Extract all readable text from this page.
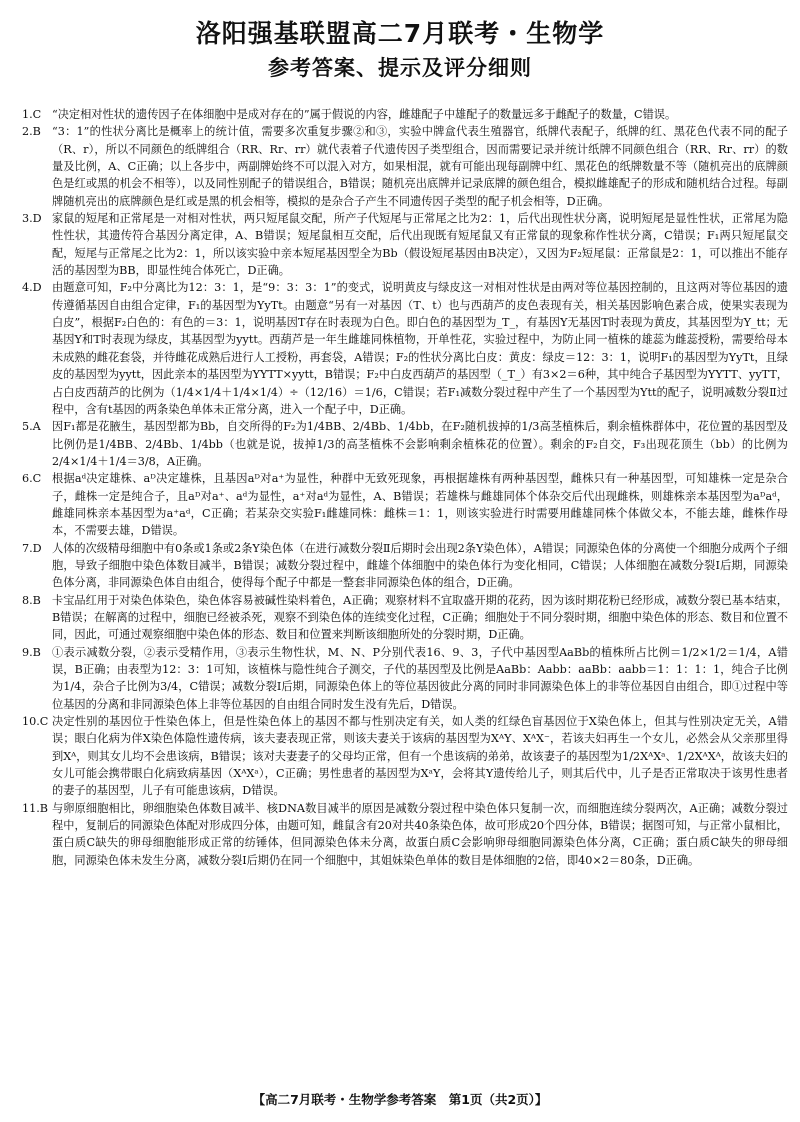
洛阳强基联盟高二7月联考・生物学
参考答案、提示及评分细则
1.C “决定相对性状的遗传因子在体细胞中是成对存在的”属于假说的内容，雌雄配子中雄配子的数量远多于雌配子的数量，C错误。
2.B “3：1”的性状分离比是概率上的统计值，需要多次重复步骤②和③，实验中牌盒代表生殖器官，纸牌代表配子，纸牌的红、黑花色代表不同的配子（R、r），所以不同颜色的纸牌组合（RR、Rr、rr）就代表着子代遗传因子类型组合，因而需要记录并统计纸牌不同颜色组合（RR、Rr、rr）的数量及比例，A、C正确；以上各步中，两副牌始终不可以混入对方，如果相混，就有可能出现每副牌中红、黑花色的纸牌数量不等（随机亮出的底牌颜色是红或黑的机会不相等），以及同性别配子的错误组合，B错误；随机亮出底牌并记录底牌的颜色组合，模拟雌雄配子的形成和随机结合过程。每副牌随机亮出的底牌颜色是红或是黑的机会相等，模拟的是杂合子产生不同遗传因子类型的配子机会相等，D正确。
3.D 家鼠的短尾和正常尾是一对相对性状，两只短尾鼠交配，所产子代短尾与正常尾之比为2：1，后代出现性状分离，说明短尾是显性性状，正常尾为隐性性状，其遗传符合基因分离定律，A、B错误；短尾鼠相互交配，后代出现既有短尾鼠又有正常鼠的现象称作性状分离，C错误；F₁两只短尾鼠交配，短尾与正常尾之比为2：1，所以该实验中亲本短尾基因型全为Bb（假设短尾基因由B决定），又因为F₂短尾鼠：正常鼠是2：1，可以推出不能存活的基因型为BB，即显性纯合体死亡，D正确。
4.D 由题意可知，F₂中分离比为12：3：1，是“9：3：3：1”的变式，说明黄皮与绿皮这一对相对性状是由两对等位基因控制的，且这两对等位基因的遗传遵循基因自由组合定律，F₁的基因型为YyTt。由题意“另有一对基因（T、t）也与西葫芦的皮色表现有关，相关基因影响色素合成，使果实表现为白皮”，根据F₂白色的：有色的＝3：1，说明基因T存在时表现为白色。即白色的基因型为_T_，有基因Y无基因T时表现为黄皮，其基因型为Y_tt；无基因Y和T时表现为绿皮，其基因型为yytt。西葫芦是一年生雌雄同株植物，开单性花，实验过程中，为防止同一植株的雄蕊为雌蕊授粉，需要给母本未成熟的雌花套袋，并待雌花成熟后进行人工授粉，再套袋，A错误；F₂的性状分离比白皮：黄皮：绿皮＝12：3：1，说明F₁的基因型为YyTt，且绿皮的基因型为yytt，因此亲本的基因型为YYTT×yytt，B错误；F₂中白皮西葫芦的基因型（_T_）有3×2＝6种，其中纯合子基因型为YYTT、yyTT，占白皮西葫芦的比例为（1/4×1/4＋1/4×1/4）÷（12/16）＝1/6，C错误；若F₁减数分裂过程中产生了一个基因型为Ytt的配子，说明减数分裂Ⅱ过程中，含有t基因的两条染色单体未正常分离，进入一个配子中，D正确。
5.A	因F₁都是花腋生，基因型都为Bb，自交所得的F₂为1/4BB、2/4Bb、1/4bb，在F₂随机拔掉的1/3高茎植株后，剩余植株群体中，花位置的基因型及比例仍是1/4BB、2/4Bb、1/4bb（也就是说，拔掉1/3的高茎植株不会影响剩余植株花的位置）。剩余的F₂自交，F₃出现花顶生（bb）的比例为2/4×1/4＋1/4＝3/8，A正确。
6.C 根据aᵈ决定雄株、aᴰ决定雄株，且基因aᴰ对a⁺为显性，种群中无致死现象，再根据雄株有两种基因型，雌株只有一种基因型，可知雄株一定是杂合子，雌株一定是纯合子，且aᴰ对a⁺、aᵈ为显性，a⁺对aᵈ为显性，A、B错误；若雄株与雌雄同体个体杂交后代出现雌株，则雄株亲本基因型为aᴰaᵈ，雌雄同株亲本基因型为a⁺aᵈ，C正确；若某杂交实验F₁雌雄同株：雌株＝1：1，则该实验进行时需要用雌雄同株个体做父本，不能去雄，雌株作母本，不需要去雄，D错误。
7.D 人体的次级精母细胞中有0条或1条或2条Y染色体（在进行减数分裂Ⅱ后期时会出现2条Y染色体），A错误；同源染色体的分离使一个细胞分成两个子细胞，导致子细胞中染色体数目减半，B错误；减数分裂过程中，雌雄个体细胞中的染色体行为变化相同，C错误；人体细胞在减数分裂Ⅰ后期，同源染色体分离，非同源染色体自由组合，使得每个配子中都是一整套非同源染色体的组合，D正确。
8.B 卡宝品红用于对染色体染色，染色体容易被碱性染料着色，A正确；观察材料不宜取盛开期的花药，因为该时期花粉已经形成，减数分裂已基本结束，B错误；在解离的过程中，细胞已经被杀死，观察不到染色体的连续变化过程，C正确；细胞处于不同分裂时期，细胞中染色体的形态、数目和位置不同，因此，可通过观察细胞中染色体的形态、数目和位置来判断该细胞所处的分裂时期，D正确。
9.B ①表示减数分裂，②表示受精作用，③表示生物性状，M、N、P分别代表16、9、3，子代中基因型AaBb的植株所占比例＝1/2×1/2＝1/4，A错误，B正确；由表型为12：3：1可知，该植株与隐性纯合子测交，子代的基因型及比例是AaBb：Aabb：aaBb：aabb＝1：1：1：1，纯合子比例为1/4，杂合子比例为3/4，C错误；减数分裂Ⅰ后期，同源染色体上的等位基因彼此分离的同时非同源染色体上的非等位基因自由组合，即①过程中等位基因的分离和非同源染色体上非等位基因的自由组合同时发生没有先后，D错误。
10.C 决定性别的基因位于性染色体上，但是性染色体上的基因不都与性别决定有关，如人类的红绿色盲基因位于X染色体上，但其与性别决定无关，A错误；眼白化病为伴X染色体隐性遗传病，该夫妻表现正常，则该夫妻关于该病的基因型为XᴬY、XᴬX⁻，若该夫妇再生一个女儿，必然会从父亲那里得到Xᴬ，则其女儿均不会患该病，B错误；该对夫妻妻子的父母均正常，但有一个患该病的弟弟，故该妻子的基因型为1/2XᴬXᵃ、1/2XᴬXᴬ，故该夫妇的女儿可能会携带眼白化病致病基因（XᴬXᵃ），C正确；男性患者的基因型为XᵃY，会将其Y遗传给儿子，则其后代中，儿子是否正常取决于该男性患者的妻子的基因型，儿子有可能患该病，D错误。
11.B 与卵原细胞相比，卵细胞染色体数目减半、核DNA数目减半的原因是减数分裂过程中染色体只复制一次，而细胞连续分裂两次，A正确；减数分裂过程中，复制后的同源染色体配对形成四分体，由题可知，雌鼠含有20对共40条染色体，故可形成20个四分体，B错误；据图可知，与正常小鼠相比，蛋白质C缺失的卵母细胞能形成正常的纺锤体，但同源染色体未分离，故蛋白质C会影响卵母细胞同源染色体分离，C正确；蛋白质C缺失的卵母细胞，同源染色体未发生分离，减数分裂Ⅰ后期仍在同一个细胞中，其姐妹染色单体的数目是体细胞的2倍，即40×2＝80条，D正确。
【高二7月联考・生物学参考答案　第1页（共2页）】
